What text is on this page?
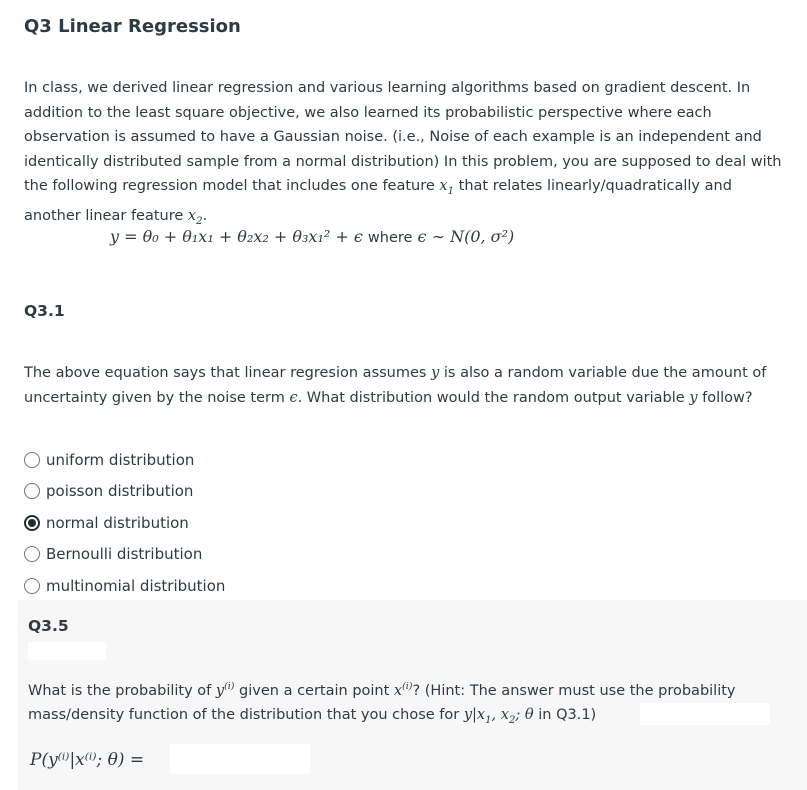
Q3 Linear Regression
In class, we derived linear regression and various learning algorithms based on gradient descent. In addition to the least square objective, we also learned its probabilistic perspective where each observation is assumed to have a Gaussian noise. (i.e., Noise of each example is an independent and identically distributed sample from a normal distribution) In this problem, you are supposed to deal with the following regression model that includes one feature $x_1$ that relates linearly/quadratically and another linear feature $x_2$.
y = θ₀ + θ₁x₁ + θ₂x₂ + θ₃x₁² + ϵ where ϵ ∼ N(0, σ²)
Q3.1
The above equation says that linear regresion assumes y is also a random variable due the amount of uncertainty given by the noise term ϵ. What distribution would the random output variable y follow?
uniform distribution
poisson distribution
normal distribution
Bernoulli distribution
multinomial distribution
Q3.5
What is the probability of $y^{(i)}$ given a certain point $x^{(i)}$? (Hint: The answer must use the probability mass/density function of the distribution that you chose for $y|x_1$, $x_2$; θ in Q3.1)
P(y⁽ⁱ⁾|x⁽ⁱ⁾; θ) =
